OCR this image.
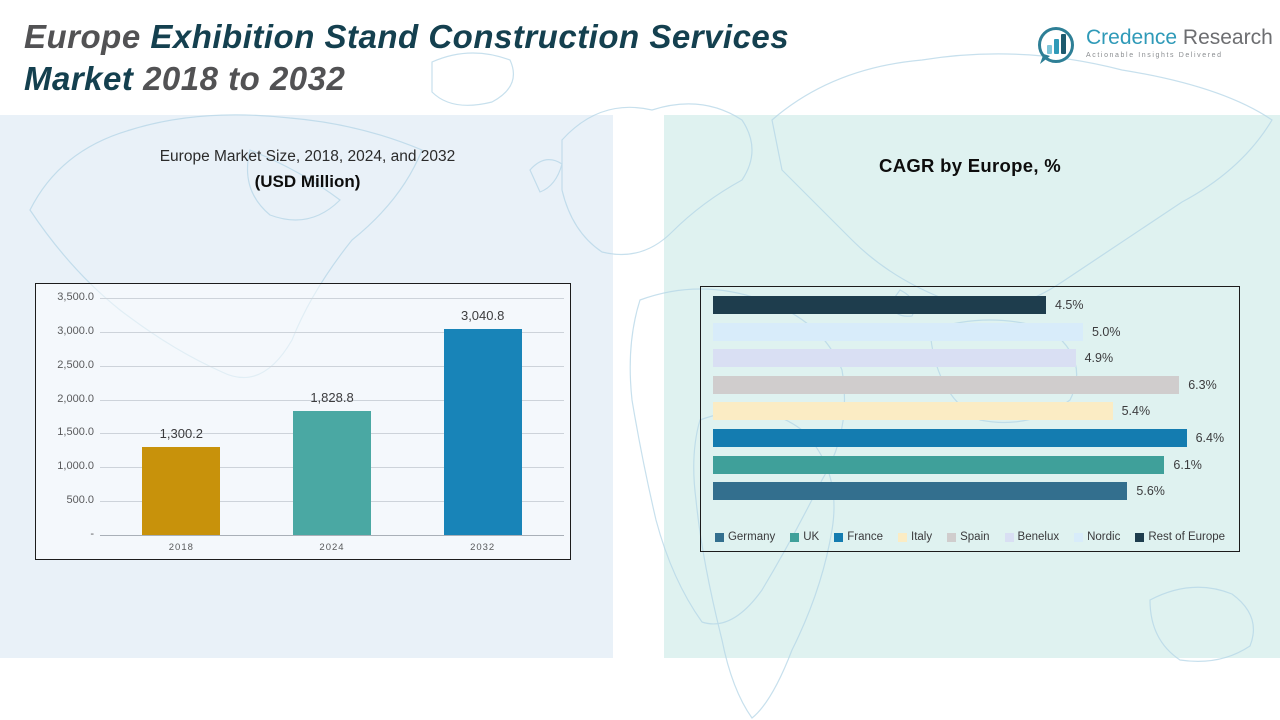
Europe Exhibition Stand Construction Services
Market 2018 to 2032
Credence Research
Actionable Insights Delivered
Europe Market Size, 2018, 2024, and 2032
(USD Million)
3,500.0
3,000.0
2,500.0
2,000.0
1,500.0
1,000.0
500.0
-
1,300.2
2018
1,828.8
2024
3,040.8
2032
CAGR by Europe, %
Germany UK France Italy Spain Benelux Nordic Rest of Europe
4.5%
5.0%
4.9%
6.3%
5.4%
6.4%
6.1%
5.6%
